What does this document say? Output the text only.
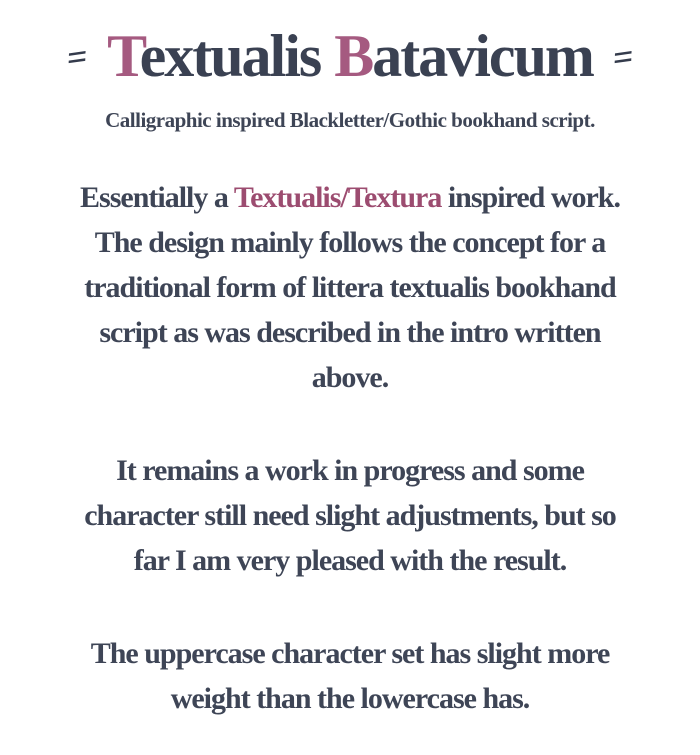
= Textualis Batavicum =

Calligraphic inspired Blackletter/Gothic bookhand script.

Essentially a Textualis/Textura inspired work.
The design mainly follows the concept for a
traditional form of littera textualis bookhand
script as was described in the intro written
above.

It remains a work in progress and some
character still need slight adjustments, but so
far I am very pleased with the result.

The uppercase character set has slight more
weight than the lowercase has.
